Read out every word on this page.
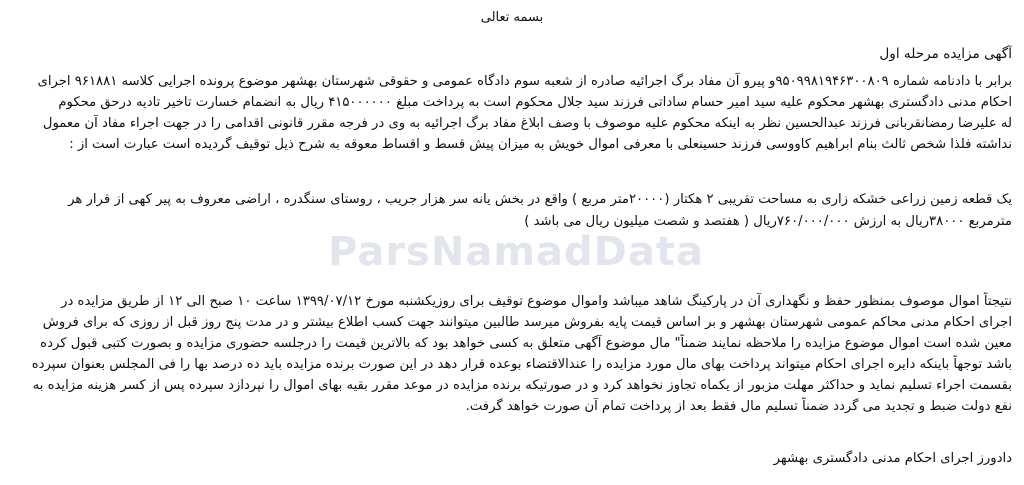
بسمه تعالی
آگهی مزایده مرحله اول
برابر با دادنامه شماره ۹۵۰۹۹۸۱۹۴۶۳۰۰۸۰۹و پیرو آن مفاد برگ اجرائیه صادره از شعبه سوم دادگاه عمومی و حقوقی شهرستان بهشهر موضوع پرونده اجرایی کلاسه ۹۶۱۸۸۱ اجرای
احکام مدنی دادگستری بهشهر محکوم علیه سید امیر حسام ساداتی فرزند سید جلال محکوم است به پرداخت مبلغ ۴۱۵۰۰۰۰۰۰ ریال به انضمام خسارت تاخیر تادیه درحق محکوم
له علیرضا رمضانقربانی فرزند عبدالحسین نظر به اینکه محکوم علیه موصوف با وصف ابلاغ مفاد برگ اجرائیه به وی در فرجه مقرر قانونی اقدامی را در جهت اجراء مفاد آن معمول
نداشته فلذا شخص ثالث بنام ابراهیم کاووسی فرزند حسینعلی با معرفی اموال خویش به میزان پیش قسط و اقساط معوقه به شرح ذیل توقیف گردیده است عبارت است از :
یک قطعه زمین زراعی خشکه زاری به مساحت تقریبی ۲ هکتار (۲۰۰۰۰متر مربع ) واقع در بخش یانه سر هزار جریب ، روستای سنگدره ، اراضی معروف به پیر کهی از قرار هر
مترمربع ۳۸۰۰۰ریال به ارزش ۷۶۰/۰۰۰/۰۰۰ریال ( هفتصد و شصت میلیون ریال می باشد )
نتیجتاً اموال موصوف بمنظور حفظ و نگهداری آن در پارکینگ شاهد میباشد واموال موضوع توقیف برای روزیکشنبه مورخ ۱۳۹۹/۰۷/۱۲ ساعت ۱۰ صبح الی ۱۲ از طریق مزایده در
اجرای احکام مدنی محاکم عمومی شهرستان بهشهر و بر اساس قیمت پایه بفروش میرسد طالبین میتوانند جهت کسب اطلاع بیشتر و در مدت پنج روز قبل از روزی که برای فروش
معین شده است اموال موضوع مزایده را ملاحظه نمایند ضمناً" مال موضوع آگهی متعلق به کسی خواهد بود که بالاترین قیمت را درجلسه حضوری مزایده و بصورت کتبی قبول کرده
باشد توجهاً باینکه دایره اجرای احکام میتواند پرداخت بهای مال مورد مزایده را عندالاقتضاء بوعده قرار دهد در این صورت برنده مزایده باید ده درصد بها را فی المجلس بعنوان سپرده
بقسمت اجراء تسلیم نماید و حداکثر مهلت مزبور از یکماه تجاوز نخواهد کرد و در صورتیکه برنده مزایده در موعد مقرر بقیه بهای اموال را نپردازد سپرده پس از کسر هزینه مزایده به
نفع دولت ضبط و تجدید می گردد ضمناً تسلیم مال فقط بعد از پرداخت تمام آن صورت خواهد گرفت.
دادورز اجرای احکام مدنی دادگستری بهشهر
ParsNamadData
